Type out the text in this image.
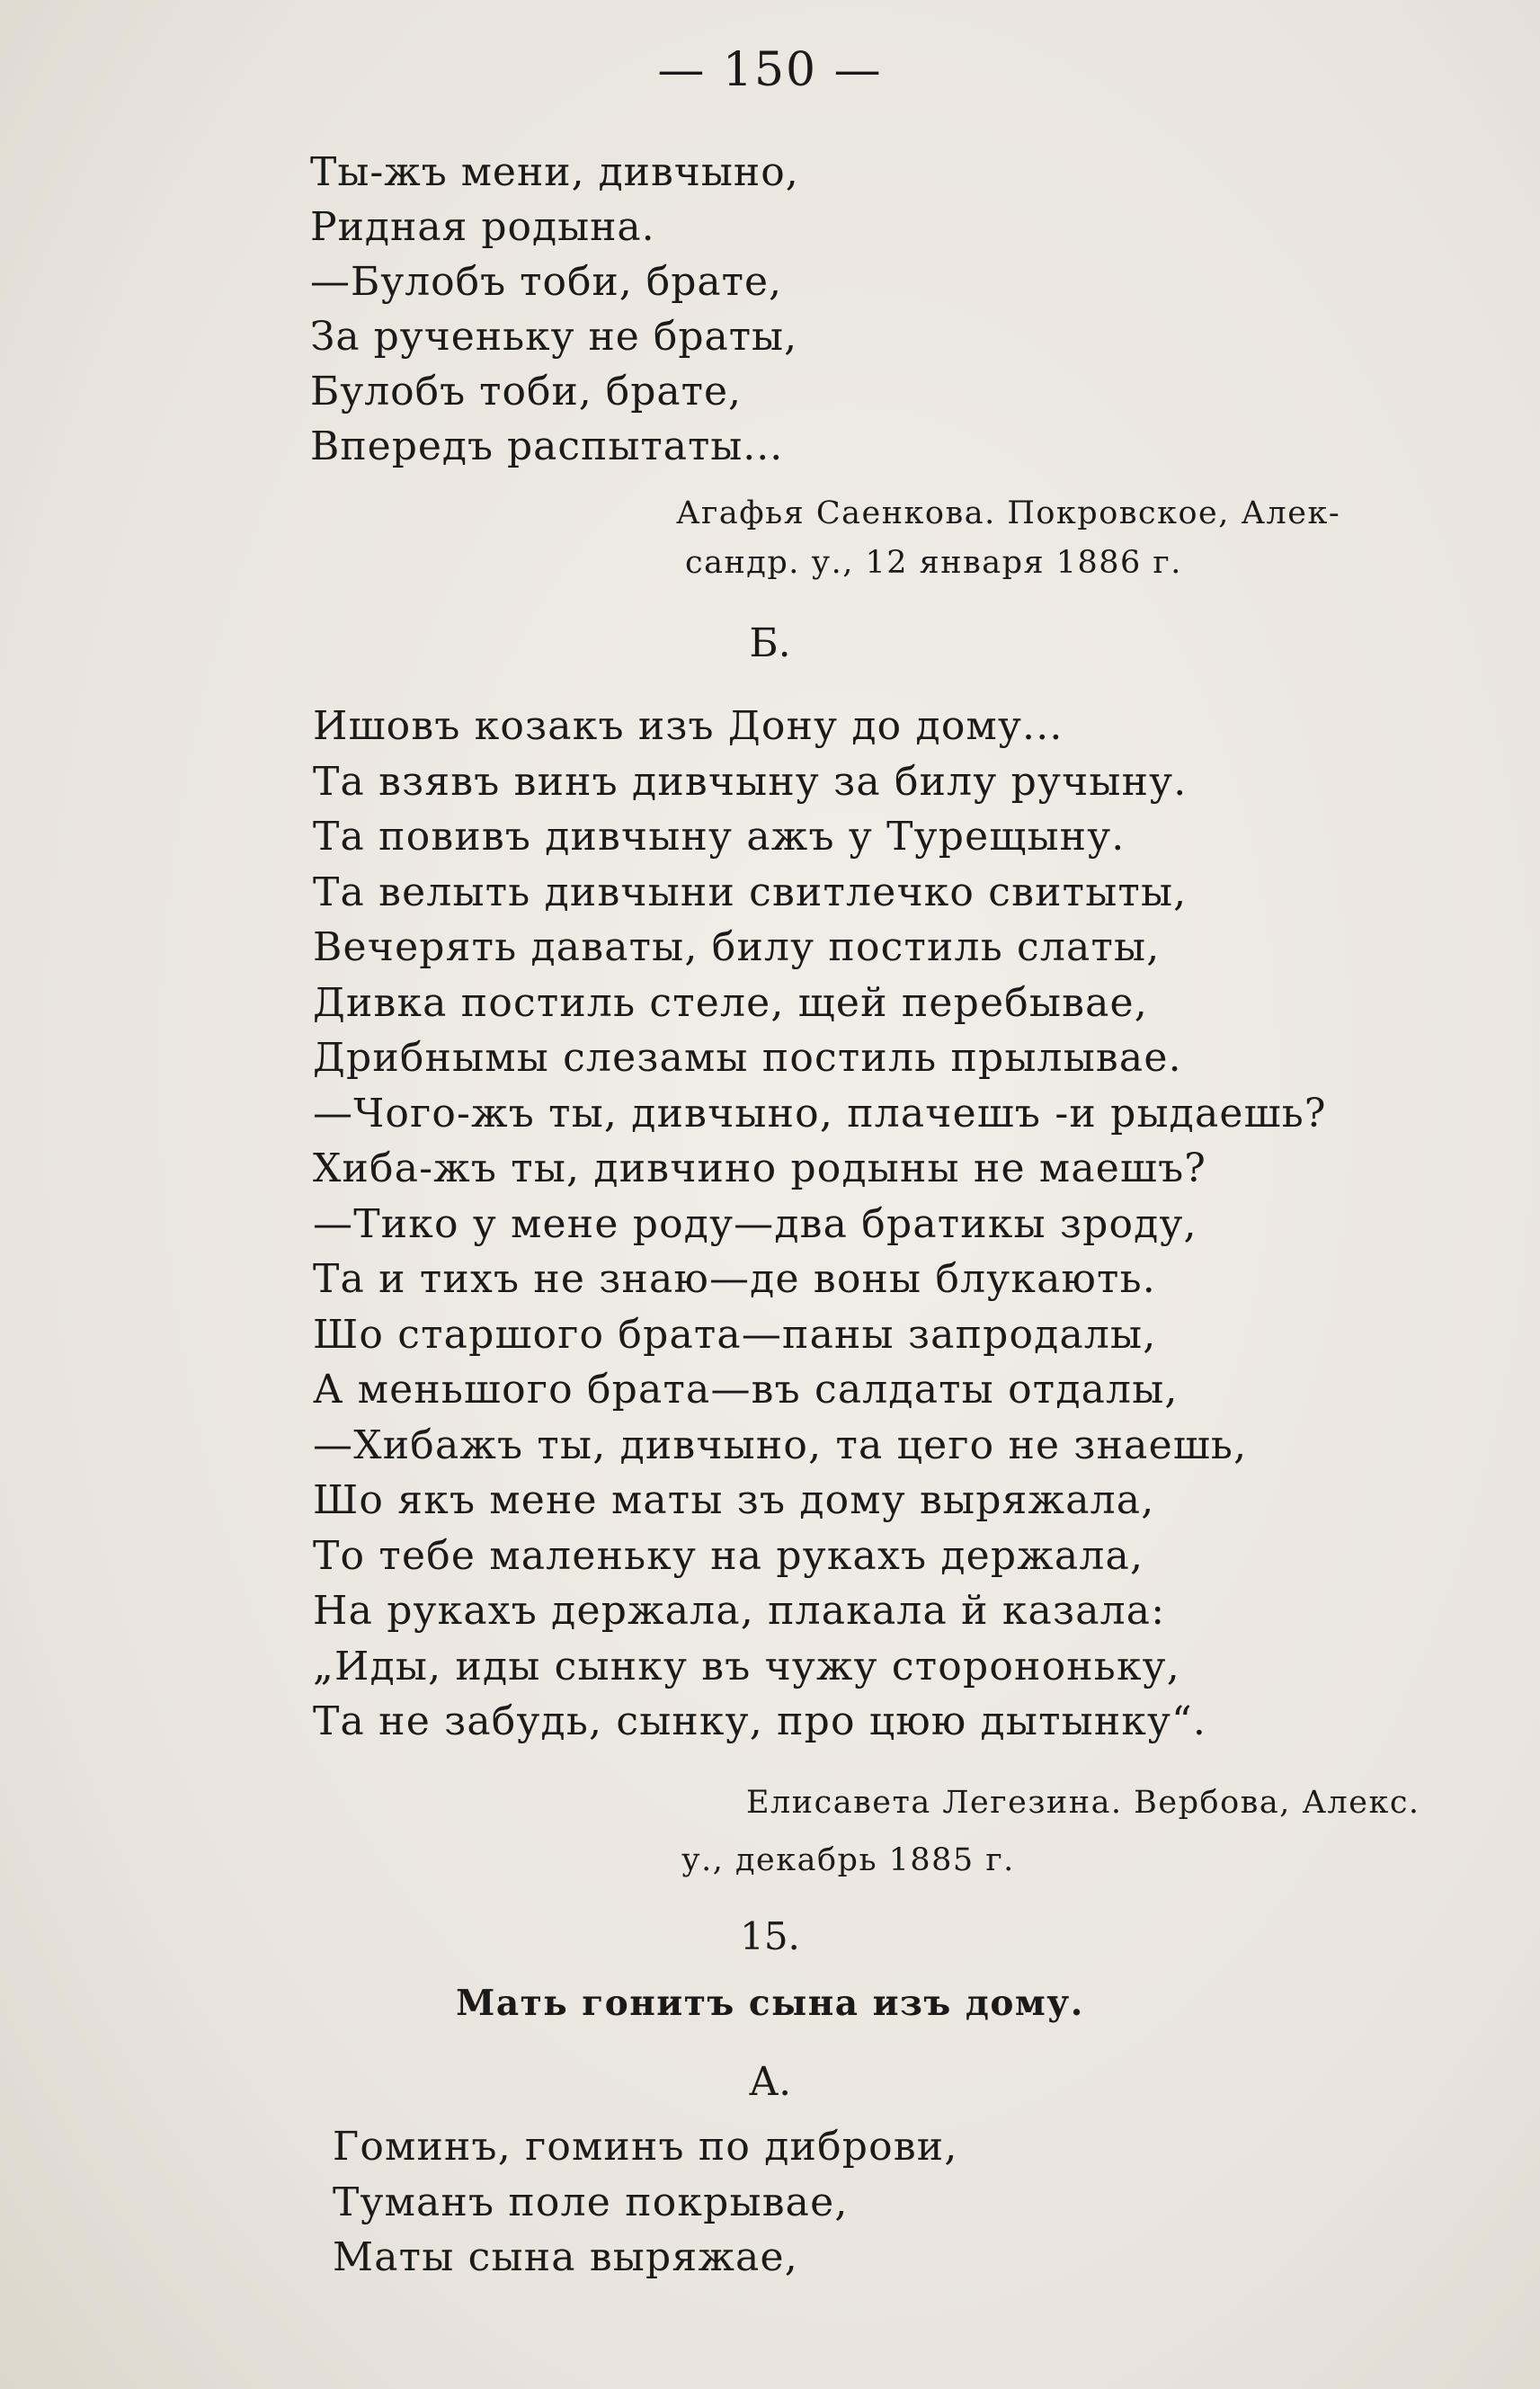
— 150 —
Ты-жъ мени, дивчыно,
Ридная родына.
—Булобъ тоби, брате,
За рученьку не браты,
Булобъ тоби, брате,
Впередъ распытаты...
Агафья Саенкова. Покровское, Алек-
сандр. у., 12 января 1886 г.
Б.
Ишовъ козакъ изъ Дону до дому...
Та взявъ винъ дивчыну за билу ручыну.
Та повивъ дивчыну ажъ у Турещыну.
Та велыть дивчыни свитлечко свитыты,
Вечерять даваты, билу постиль слаты,
Дивка постиль стеле, щей перебывае,
Дрибнымы слезамы постиль прылывае.
—Чого-жъ ты, дивчыно, плачешъ -и рыдаешь?
Хиба-жъ ты, дивчино родыны не маешъ?
—Тико у мене роду—два братикы зроду,
Та и тихъ не знаю—де воны блукають.
Шо старшого брата—паны запродалы,
А меньшого брата—въ салдаты отдалы,
—Хибажъ ты, дивчыно, та цего не знаешь,
Шо якъ мене маты зъ дому выряжала,
То тебе маленьку на рукахъ держала,
На рукахъ держала, плакала й казала:
„Иды, иды сынку въ чужу сторононьку,
Та не забудь, сынку, про цюю дытынку“.
Елисавета Легезина. Вербова, Алекс.
у., декабрь 1885 г.
15.
Мать гонитъ сына изъ дому.
А.
Гоминъ, гоминъ по диброви,
Туманъ поле покрывае,
Маты сына выряжае,
